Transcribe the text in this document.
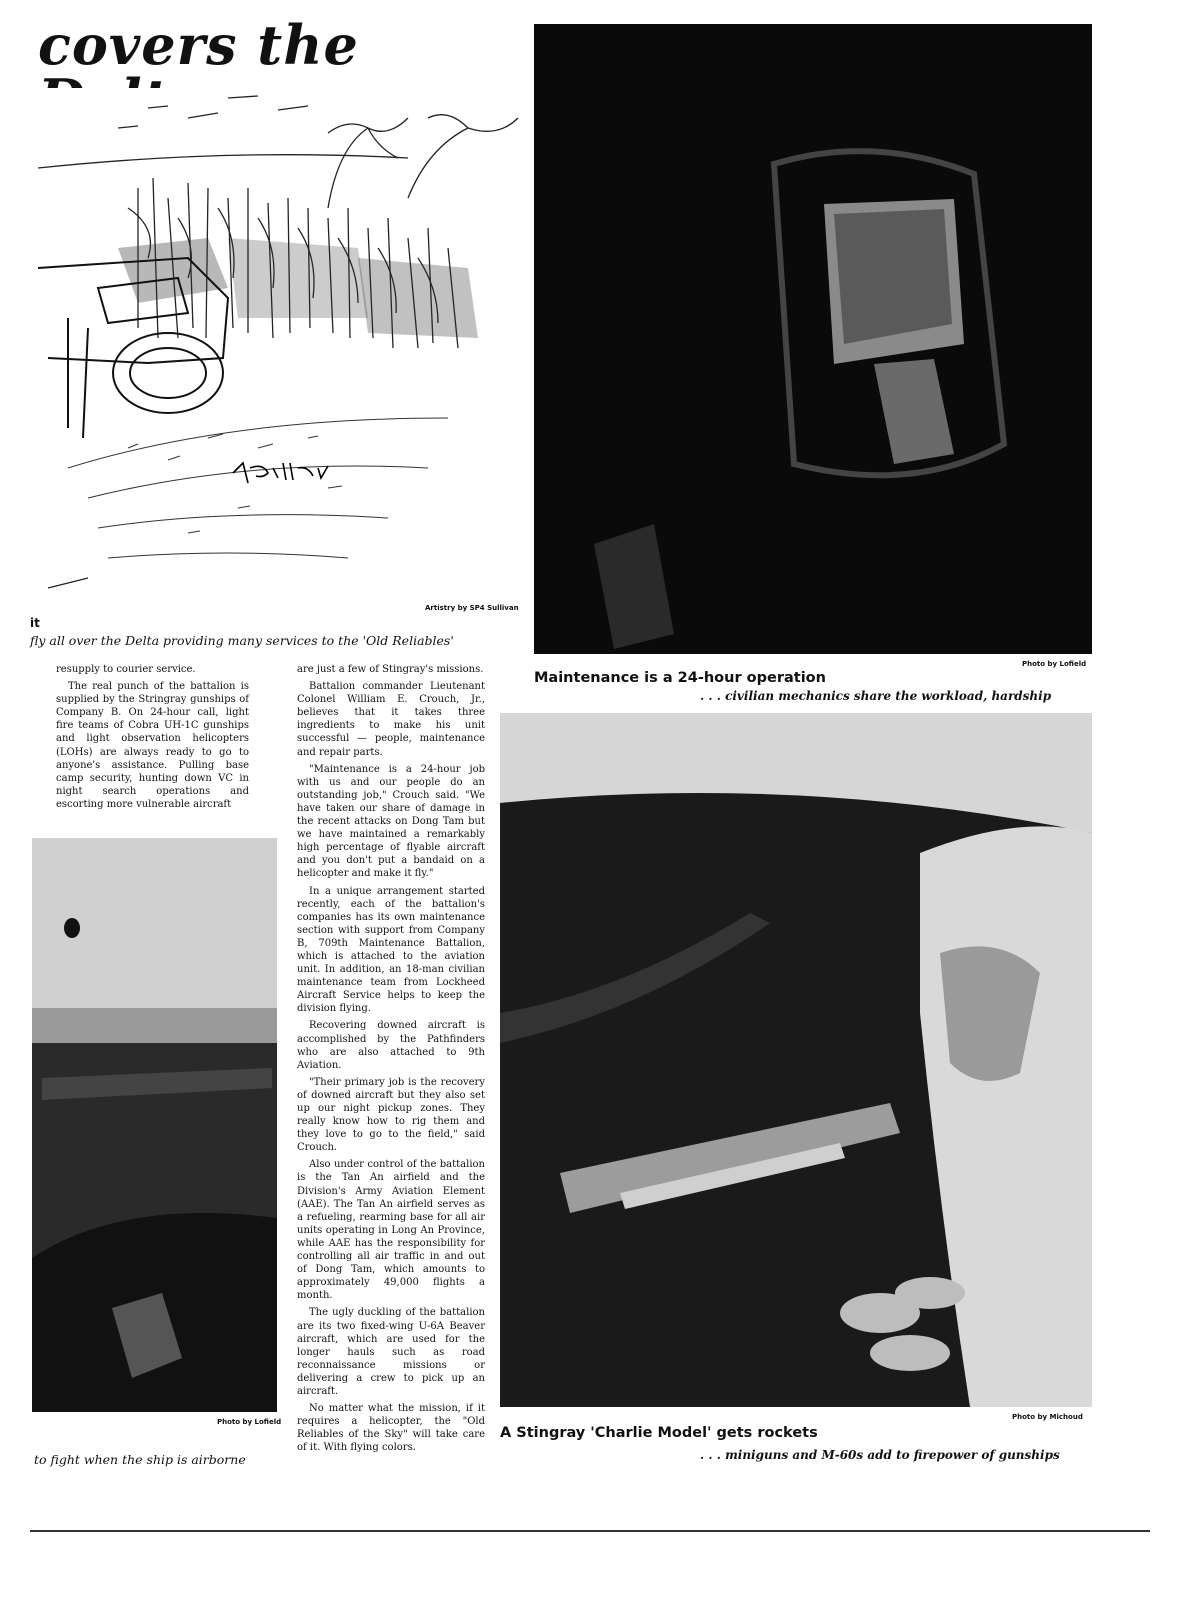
covers the
Artistry by SP4 Sullivan
it
fly all over the Delta providing many services to the 'Old Reliables'

resupply to courier service.

The real punch of the battalion is supplied by the Stringray gunships of Company B. On 24-hour call, light fire teams of Cobra UH-1C gunships and light observation helicopters (LOHs) are always ready to go to anyone's assistance. Pulling base camp security, hunting down VC in night search operations and escorting more vulnerable aircraft

are just a few of Stingray's missions.

Battalion commander Lieutenant Colonel William E. Crouch, Jr., believes that it takes three ingredients to make his unit successful — people, maintenance and repair parts.

"Maintenance is a 24-hour job with us and our people do an outstanding job," Crouch said. "We have taken our share of damage in the recent attacks on Dong Tam but we have maintained a remarkably high percentage of flyable aircraft and you don't put a bandaid on a helicopter and make it fly."

In a unique arrangement started recently, each of the battalion's companies has its own maintenance section with support from Company B, 709th Maintenance Battalion, which is attached to the aviation unit. In addition, an 18-man civilian maintenance team from Lockheed Aircraft Service helps to keep the division flying.

Recovering downed aircraft is accomplished by the Pathfinders who are also attached to 9th Aviation.

"Their primary job is the recovery of downed aircraft but they also set up our night pickup zones. They really know how to rig them and they love to go to the field," said Crouch.

Also under control of the battalion is the Tan An airfield and the Division's Army Aviation Element (AAE). The Tan An airfield serves as a refueling, rearming base for all air units operating in Long An Province, while AAE has the responsibility for controlling all air traffic in and out of Dong Tam, which amounts to approximately 49,000 flights a month.

The ugly duckling of the battalion are its two fixed-wing U-6A Beaver aircraft, which are used for the longer hauls such as road reconnaissance missions or delivering a crew to pick up an aircraft.

No matter what the mission, if it requires a helicopter, the "Old Reliables of the Sky" will take care of it. With flying colors.

Photo by Lofield
to fight when the ship is airborne
Photo by Lofield
Maintenance is a 24-hour operation
. . . civilian mechanics share the workload, hardship
Photo by Michoud
A Stingray 'Charlie Model' gets rockets
. . . miniguns and M-60s add to firepower of gunships
